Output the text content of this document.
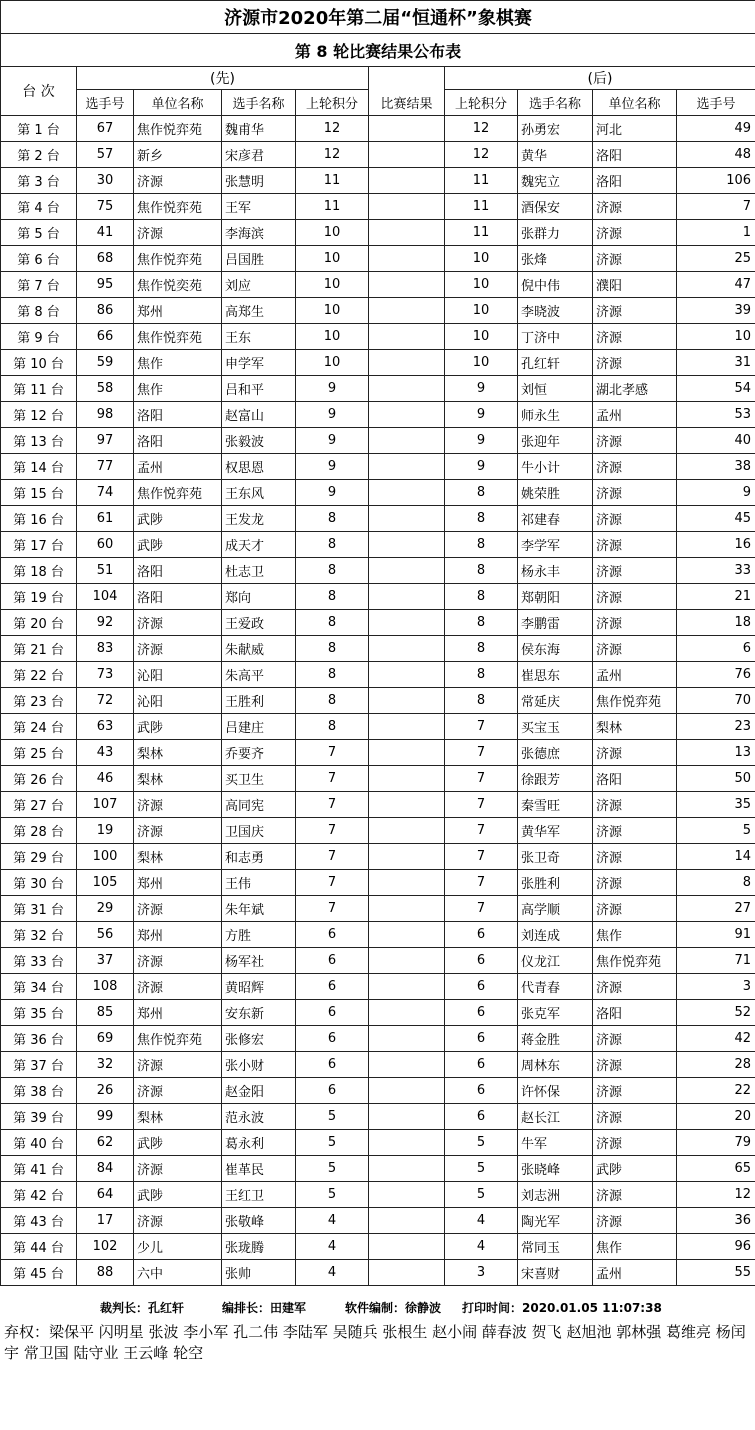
济源市2020年第二届“恒通杯”象棋赛									
第 8 轮比赛结果公布表									
台 次	(先)					(后)			
	选手号	单位名称	选手名称	上轮积分	比赛结果	上轮积分	选手名称	单位名称	选手号
第 1 台	67	焦作悦弈苑	魏甫华	12		12	孙勇宏	河北	49
第 2 台	57	新乡	宋彦君	12		12	黄华	洛阳	48
第 3 台	30	济源	张慧明	11		11	魏宪立	洛阳	106
第 4 台	75	焦作悦弈苑	王军	11		11	酒保安	济源	7
第 5 台	41	济源	李海滨	10		11	张群力	济源	1
第 6 台	68	焦作悦弈苑	吕国胜	10		10	张烽	济源	25
第 7 台	95	焦作悦奕苑	刘应	10		10	倪中伟	濮阳	47
第 8 台	86	郑州	高郑生	10		10	李晓波	济源	39
第 9 台	66	焦作悦弈苑	王东	10		10	丁济中	济源	10
第 10 台	59	焦作	申学军	10		10	孔红轩	济源	31
第 11 台	58	焦作	吕和平	9		9	刘恒	湖北孝感	54
第 12 台	98	洛阳	赵富山	9		9	师永生	孟州	53
第 13 台	97	洛阳	张毅波	9		9	张迎年	济源	40
第 14 台	77	孟州	权思恩	9		9	牛小计	济源	38
第 15 台	74	焦作悦弈苑	王东风	9		8	姚荣胜	济源	9
第 16 台	61	武陟	王发龙	8		8	祁建春	济源	45
第 17 台	60	武陟	成天才	8		8	李学军	济源	16
第 18 台	51	洛阳	杜志卫	8		8	杨永丰	济源	33
第 19 台	104	洛阳	郑向	8		8	郑朝阳	济源	21
第 20 台	92	济源	王爱政	8		8	李鹏雷	济源	18
第 21 台	83	济源	朱献威	8		8	侯东海	济源	6
第 22 台	73	沁阳	朱高平	8		8	崔思东	孟州	76
第 23 台	72	沁阳	王胜利	8		8	常延庆	焦作悦弈苑	70
第 24 台	63	武陟	吕建庄	8		7	买宝玉	梨林	23
第 25 台	43	梨林	乔要齐	7		7	张德庶	济源	13
第 26 台	46	梨林	买卫生	7		7	徐跟芳	洛阳	50
第 27 台	107	济源	高同宪	7		7	秦雪旺	济源	35
第 28 台	19	济源	卫国庆	7		7	黄华军	济源	5
第 29 台	100	梨林	和志勇	7		7	张卫奇	济源	14
第 30 台	105	郑州	王伟	7		7	张胜利	济源	8
第 31 台	29	济源	朱年斌	7		7	高学顺	济源	27
第 32 台	56	郑州	方胜	6		6	刘连成	焦作	91
第 33 台	37	济源	杨军社	6		6	仪龙江	焦作悦弈苑	71
第 34 台	108	济源	黄昭辉	6		6	代青春	济源	3
第 35 台	85	郑州	安东新	6		6	张克军	洛阳	52
第 36 台	69	焦作悦弈苑	张修宏	6		6	蒋金胜	济源	42
第 37 台	32	济源	张小财	6		6	周林东	济源	28
第 38 台	26	济源	赵金阳	6		6	许怀保	济源	22
第 39 台	99	梨林	范永波	5		6	赵长江	济源	20
第 40 台	62	武陟	葛永利	5		5	牛军	济源	79
第 41 台	84	济源	崔革民	5		5	张晓峰	武陟	65
第 42 台	64	武陟	王红卫	5		5	刘志洲	济源	12
第 43 台	17	济源	张敬峰	4		4	陶光军	济源	36
第 44 台	102	少儿	张珑腾	4		4	常同玉	焦作	96
第 45 台	88	六中	张帅	4		3	宋喜财	孟州	55
裁判长：孔红轩	编排长：田建军	软件编制：徐静波 打印时间：2020.01.05 11:07:38
弃权：梁保平 闪明星 张波 李小军 孔二伟 李陆军 吴随兵 张根生 赵小闹 薛春波 贺飞 赵旭池 郭林强 葛维亮 杨闰宇 常卫国 陆守业 王云峰 轮空
